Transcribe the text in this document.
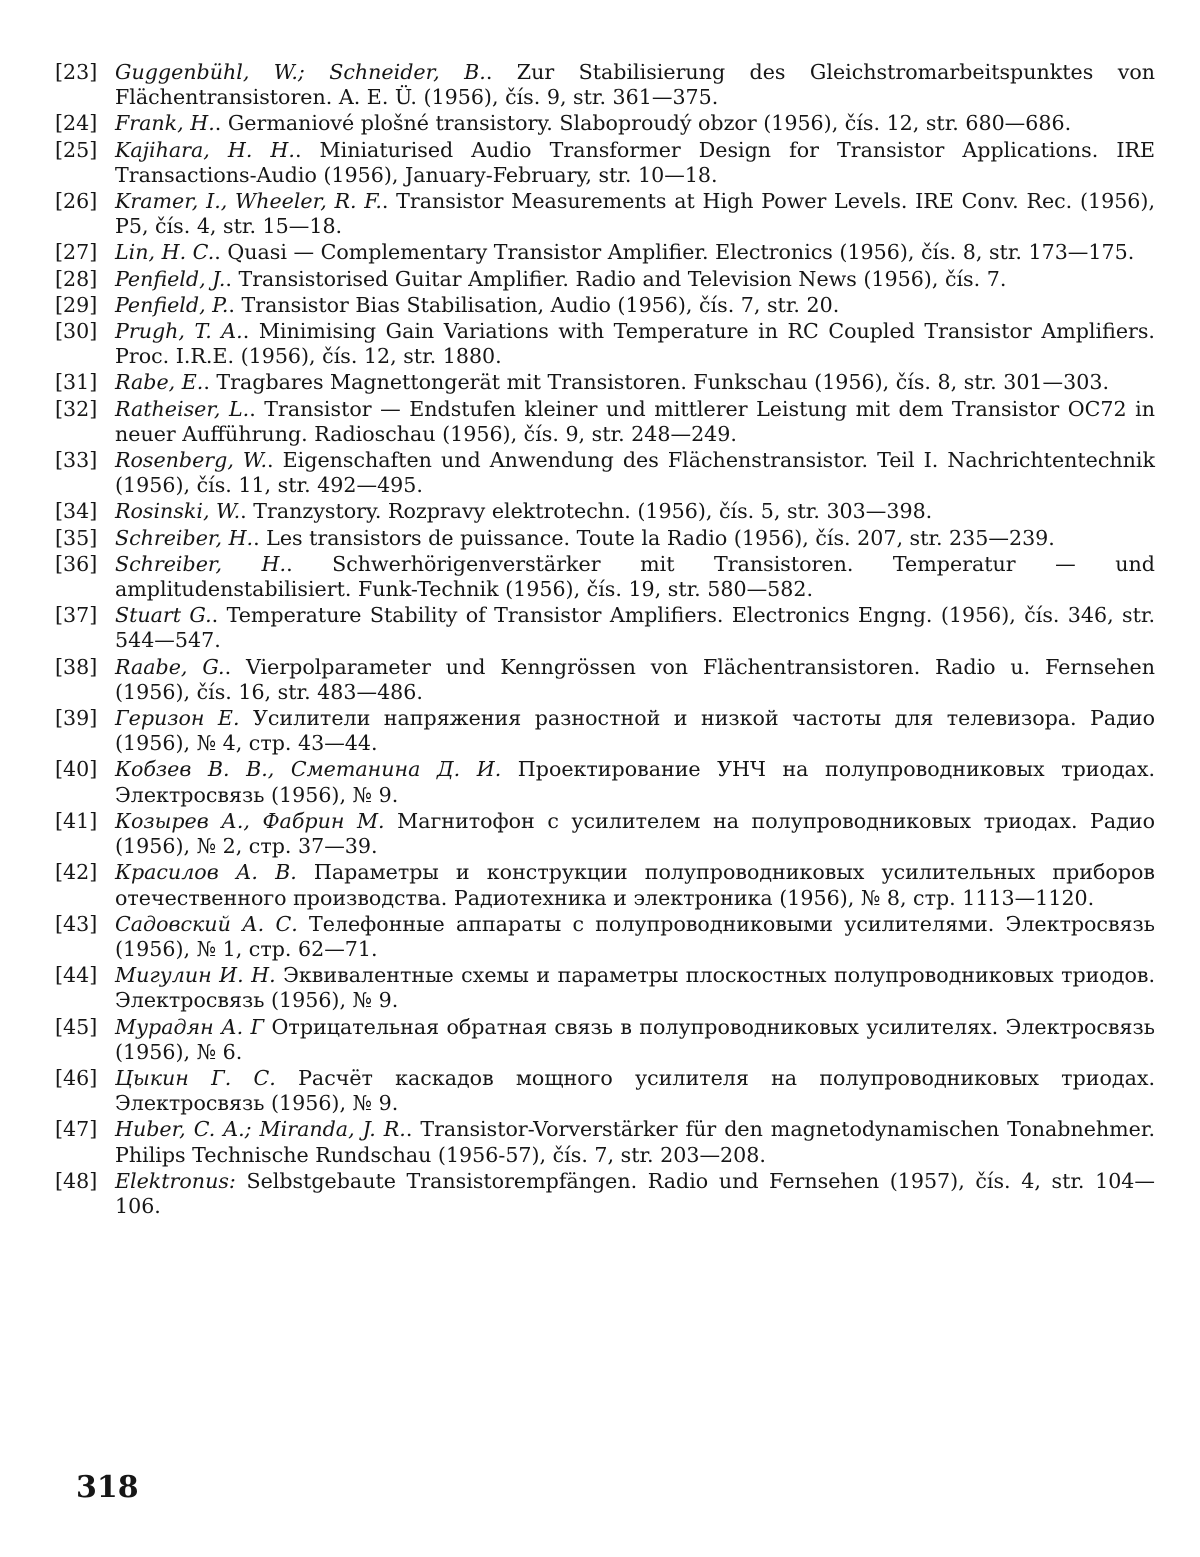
[23] Guggenbühl, W.; Schneider, B.. Zur Stabilisierung des Gleichstromarbeitspunktes von Flächentransistoren. A. E. Ü. (1956), čís. 9, str. 361—375.
[24] Frank, H.. Germaniové plošné transistory. Slaboproudý obzor (1956), čís. 12, str. 680—686.
[25] Kajihara, H. H.. Miniaturised Audio Transformer Design for Transistor Applications. IRE Transactions-Audio (1956), January-February, str. 10—18.
[26] Kramer, I., Wheeler, R. F.. Transistor Measurements at High Power Levels. IRE Conv. Rec. (1956), P5, čís. 4, str. 15—18.
[27] Lin, H. C.. Quasi — Complementary Transistor Amplifier. Electronics (1956), čís. 8, str. 173—175.
[28] Penfield, J.. Transistorised Guitar Amplifier. Radio and Television News (1956), čís. 7.
[29] Penfield, P.. Transistor Bias Stabilisation, Audio (1956), čís. 7, str. 20.
[30] Prugh, T. A.. Minimising Gain Variations with Temperature in RC Coupled Transistor Amplifiers. Proc. I.R.E. (1956), čís. 12, str. 1880.
[31] Rabe, E.. Tragbares Magnettongerät mit Transistoren. Funkschau (1956), čís. 8, str. 301—303.
[32] Ratheiser, L.. Transistor — Endstufen kleiner und mittlerer Leistung mit dem Transistor OC72 in neuer Aufführung. Radioschau (1956), čís. 9, str. 248—249.
[33] Rosenberg, W.. Eigenschaften und Anwendung des Flächenstransistor. Teil I. Nachrichtentechnik (1956), čís. 11, str. 492—495.
[34] Rosinski, W.. Tranzystory. Rozpravy elektrotechn. (1956), čís. 5, str. 303—398.
[35] Schreiber, H.. Les transistors de puissance. Toute la Radio (1956), čís. 207, str. 235—239.
[36] Schreiber, H.. Schwerhörigenverstärker mit Transistoren. Temperatur — und amplitudenstabilisiert. Funk-Technik (1956), čís. 19, str. 580—582.
[37] Stuart G.. Temperature Stability of Transistor Amplifiers. Electronics Engng. (1956), čís. 346, str. 544—547.
[38] Raabe, G.. Vierpolparameter und Kenngrössen von Flächentransistoren. Radio u. Fernsehen (1956), čís. 16, str. 483—486.
[39] Геризон Е. Усилители напряжения разностной и низкой частоты для телевизора. Радио (1956), № 4, стр. 43—44.
[40] Кобзев В. В., Сметанина Д. И. Проектирование УНЧ на полупроводниковых триодах. Электросвязь (1956), № 9.
[41] Козырев А., Фабрин М. Магнитофон с усилителем на полупроводниковых триодах. Радио (1956), № 2, стр. 37—39.
[42] Красилов А. В. Параметры и конструкции полупроводниковых усилительных приборов отечественного производства. Радиотехника и электроника (1956), № 8, стр. 1113—1120.
[43] Садовский А. С. Телефонные аппараты с полупроводниковыми усилителями. Электросвязь (1956), № 1, стр. 62—71.
[44] Мигулин И. Н. Эквивалентные схемы и параметры плоскостных полупроводниковых триодов. Электросвязь (1956), № 9.
[45] Мурадян А. Г Отрицательная обратная связь в полупроводниковых усилителях. Электросвязь (1956), № 6.
[46] Цыкин Г. С. Расчёт каскадов мощного усилителя на полупроводниковых триодах. Электросвязь (1956), № 9.
[47] Huber, C. A.; Miranda, J. R.. Transistor-Vorverstärker für den magnetodynamischen Tonabnehmer. Philips Technische Rundschau (1956-57), čís. 7, str. 203—208.
[48] Elektronus: Selbstgebaute Transistorempfängen. Radio und Fernsehen (1957), čís. 4, str. 104—106.
318
